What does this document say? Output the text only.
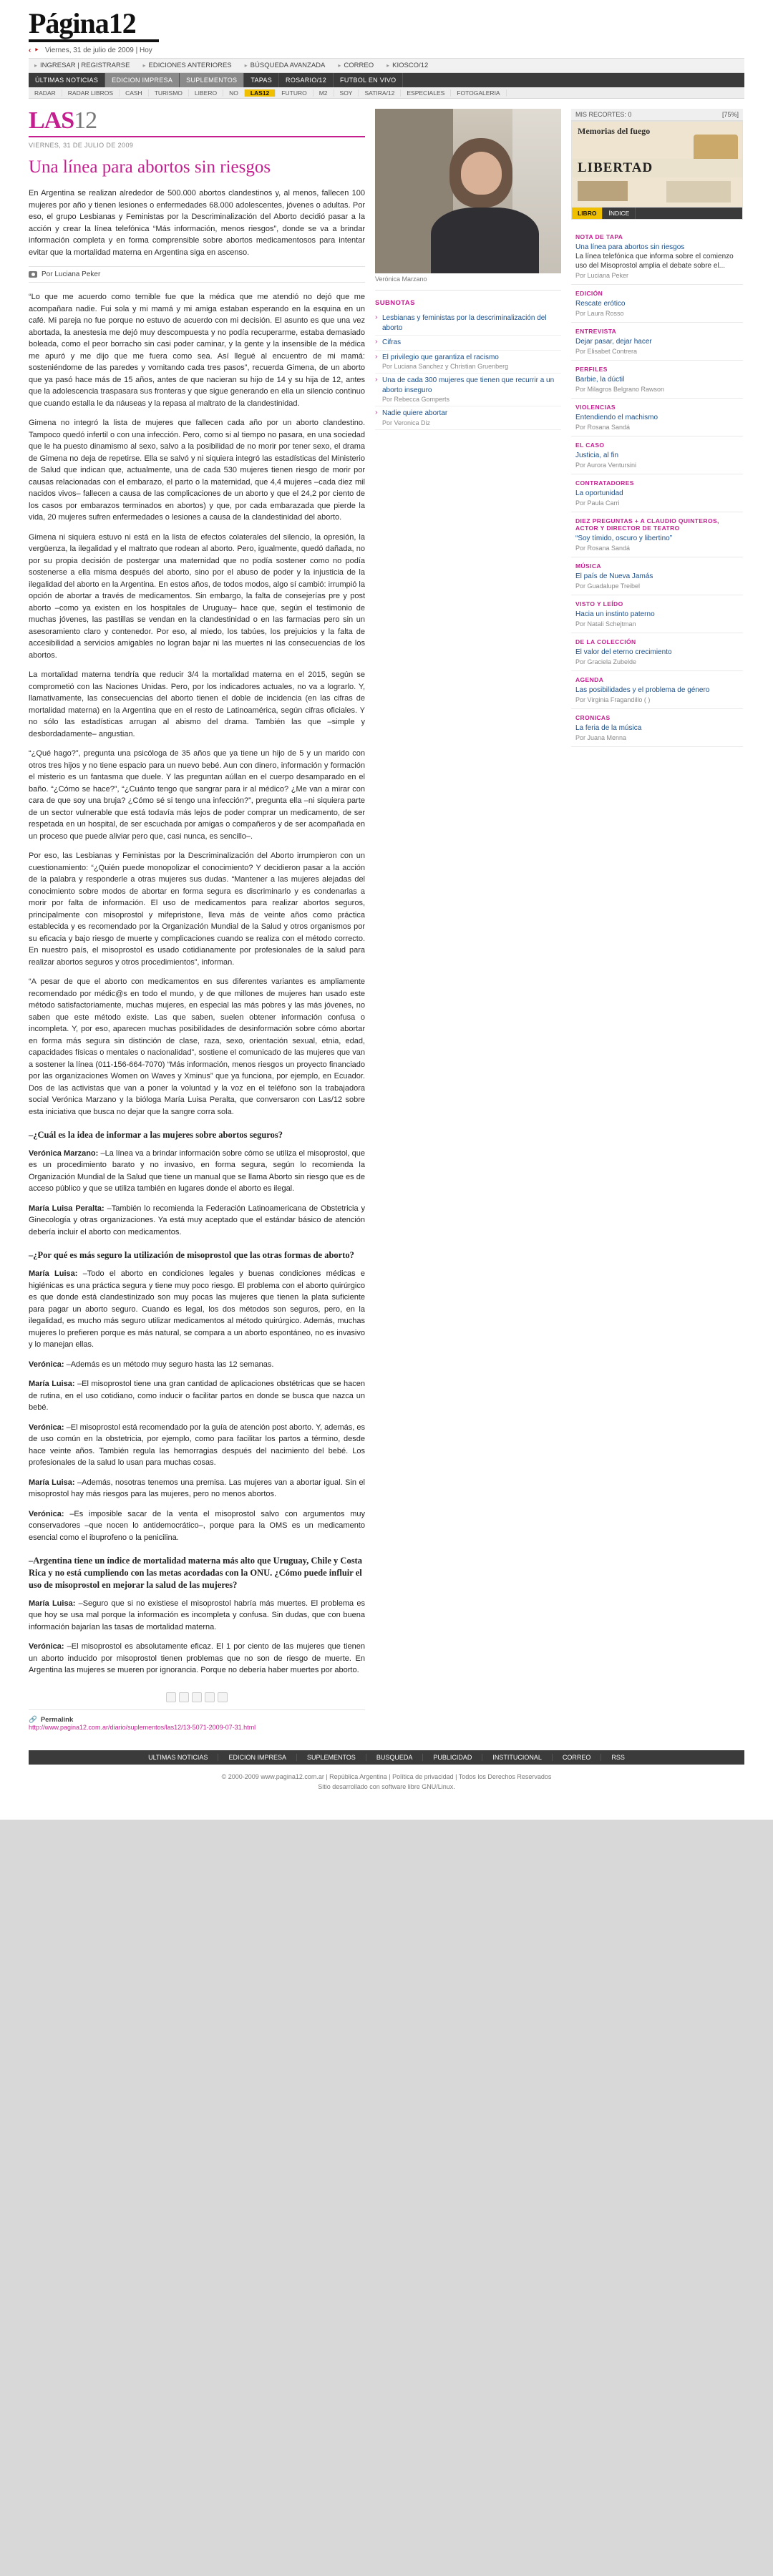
Página12
‹ ‣ Viernes, 31 de julio de 2009 | Hoy
▸ INGRESAR | REGISTRARSE ▸ EDICIONES ANTERIORES ▸ BÚSQUEDA AVANZADA ▸ CORREO ▸ KIOSCO/12
ÚLTIMAS NOTICIAS EDICION IMPRESA SUPLEMENTOS TAPAS ROSARIO/12 FUTBOL EN VIVO
RADAR	RADAR LIBROS	CASH	TURISMO	LIBERO	NO	LAS12	FUTURO	M2	SOY	SATIRA/12	ESPECIALES	FOTOGALERIA
LAS12
VIERNES, 31 DE JULIO DE 2009
Una línea para abortos sin riesgos

En Argentina se realizan alrededor de 500.000 abortos clandestinos y, al menos, fallecen 100 mujeres por año y tienen lesiones o enfermedades 68.000 adolescentes, jóvenes o adultas. Por eso, el grupo Lesbianas y Feministas por la Descriminalización del Aborto decidió pasar a la acción y crear la línea telefónica “Más información, menos riesgos”, donde se va a brindar información completa y en forma comprensible sobre abortos medicamentosos para intentar evitar que la mortalidad materna en Argentina siga en ascenso.

Por Luciana Peker

“Lo que me acuerdo como temible fue que la médica que me atendió no dejó que me acompañara nadie. Fui sola y mi mamá y mi amiga estaban esperando en la esquina en un café. Mi pareja no fue porque no estuvo de acuerdo con mi decisión. El asunto es que una vez abortada, la anestesia me dejó muy descompuesta y no podía recuperarme, estaba demasiado boleada, como el peor borracho sin casi poder caminar, y la gente y la insensible de la médica me apuró y me dijo que me fuera como sea. Así llegué al encuentro de mi mamá: sosteniéndome de las paredes y vomitando cada tres pasos”, recuerda Gimena, de un aborto que ya pasó hace más de 15 años, antes de que nacieran su hijo de 14 y su hija de 12, antes que la adolescencia traspasara sus fronteras y que sigue generando en ella un silencio continuo que cuando estalla le da náuseas y la repasa al maltrato de la clandestinidad.

Gimena no integró la lista de mujeres que fallecen cada año por un aborto clandestino. Tampoco quedó infertil o con una infección. Pero, como si al tiempo no pasara, en una sociedad que le ha puesto dinamismo al sexo, salvo a la posibilidad de no morir por tener sexo, el drama de Gimena no deja de repetirse. Ella se salvó y ni siquiera integró las estadísticas del Ministerio de Salud que indican que, actualmente, una de cada 530 mujeres tienen riesgo de morir por causas relacionadas con el embarazo, el parto o la maternidad, que 4,4 mujeres –cada diez mil nacidos vivos– fallecen a causa de las complicaciones de un aborto y que el 24,2 por ciento de los casos por embarazos terminados en abortos) y que, por cada embarazada que pierde la vida, 20 mujeres sufren enfermedades o lesiones a causa de la clandestinidad del aborto.

Gimena ni siquiera estuvo ni está en la lista de efectos colaterales del silencio, la opresión, la vergüenza, la ilegalidad y el maltrato que rodean al aborto. Pero, igualmente, quedó dañada, no por su propia decisión de postergar una maternidad que no podía sostener como no podía sostenerse a ella misma después del aborto, sino por el abuso de poder y la injusticia de la ilegalidad del aborto en la Argentina. En estos años, de todos modos, algo sí cambió: irrumpió la opción de abortar a través de medicamentos. Sin embargo, la falta de consejerías pre y post aborto –como ya existen en los hospitales de Uruguay– hace que, según el testimonio de muchas jóvenes, las pastillas se vendan en la clandestinidad o en las farmacias pero sin un asesoramiento claro y contenedor. Por eso, al miedo, los tabúes, los prejuicios y la falta de accesibilidad a servicios amigables no logran bajar ni las muertes ni las consecuencias de los abortos.

La mortalidad materna tendría que reducir 3/4 la mortalidad materna en el 2015, según se comprometió con las Naciones Unidas. Pero, por los indicadores actuales, no va a lograrlo. Y, llamativamente, las consecuencias del aborto tienen el doble de incidencia (en las cifras de mortalidad materna) en la Argentina que en el resto de Latinoamérica, según cifras oficiales. Y no sólo las estadísticas arrugan al abismo del drama. También las que –simple y desbordadamente– angustian.

“¿Qué hago?”, pregunta una psicóloga de 35 años que ya tiene un hijo de 5 y un marido con otros tres hijos y no tiene espacio para un nuevo bebé. Aun con dinero, información y formación el misterio es un fantasma que duele. Y las preguntan aúllan en el cuerpo desamparado en el baño. “¿Cómo se hace?”, “¿Cuánto tengo que sangrar para ir al médico? ¿Me van a mirar con cara de que soy una bruja? ¿Cómo sé si tengo una infección?”, pregunta ella –ni siquiera parte de un sector vulnerable que está todavía más lejos de poder comprar un medicamento, de ser respetada en un hospital, de ser escuchada por amigas o compañeros y de ser acompañada en un proceso que puede aliviar pero que, casi nunca, es sencillo–.

Por eso, las Lesbianas y Feministas por la Descriminalización del Aborto irrumpieron con un cuestionamiento: “¿Quién puede monopolizar el conocimiento? Y decidieron pasar a la acción de la palabra y responderle a otras mujeres sus dudas. “Mantener a las mujeres alejadas del conocimiento sobre modos de abortar en forma segura es discriminarlo y es condenarlas a morir por falta de información. El uso de medicamentos para realizar abortos seguros, principalmente con misoprostol y mifepristone, lleva más de veinte años como práctica establecida y es recomendado por la Organización Mundial de la Salud y otros organismos por su eficacia y bajo riesgo de muerte y complicaciones cuando se realiza con el método correcto. En nuestro país, el misoprostol es usado cotidianamente por profesionales de la salud para realizar abortos seguros y otros procedimientos”, informan.

“A pesar de que el aborto con medicamentos en sus diferentes variantes es ampliamente recomendado por médic@s en todo el mundo, y de que millones de mujeres han usado este método satisfactoriamente, muchas mujeres, en especial las más pobres y las más jóvenes, no saben que este método existe. Las que saben, suelen obtener información confusa o incompleta. Y, por eso, aparecen muchas posibilidades de desinformación sobre cómo abortar en forma más segura sin distinción de clase, raza, sexo, orientación sexual, etnia, edad, capacidades físicas o mentales o nacionalidad”, sostiene el comunicado de las mujeres que van a sostener la línea (011-156-664-7070) “Más información, menos riesgos un proyecto financiado por las organizaciones Women on Waves y Xminus” que ya funciona, por ejemplo, en Ecuador. Dos de las activistas que van a poner la voluntad y la voz en el teléfono son la trabajadora social Verónica Marzano y la bióloga María Luisa Peralta, que conversaron con Las/12 sobre esta iniciativa que busca no dejar que la sangre corra sola.

–¿Cuál es la idea de informar a las mujeres sobre abortos seguros?

Verónica Marzano: –La línea va a brindar información sobre cómo se utiliza el misoprostol, que es un procedimiento barato y no invasivo, en forma segura, según lo recomienda la Organización Mundial de la Salud que tiene un manual que se llama Aborto sin riesgo que es de acceso público y que se utiliza también en lugares donde el aborto es ilegal.

María Luisa Peralta: –También lo recomienda la Federación Latinoamericana de Obstetricia y Ginecología y otras organizaciones. Ya está muy aceptado que el estándar básico de atención debería incluir el aborto con medicamentos.

–¿Por qué es más seguro la utilización de misoprostol que las otras formas de aborto?

María Luisa: –Todo el aborto en condiciones legales y buenas condiciones médicas e higiénicas es una práctica segura y tiene muy poco riesgo. El problema con el aborto quirúrgico es que donde está clandestinizado son muy pocas las mujeres que tienen la plata suficiente para pagar un aborto seguro. Cuando es legal, los dos métodos son seguros, pero, en la ilegalidad, es mucho más seguro utilizar medicamentos al método quirúrgico. Además, muchas mujeres lo prefieren porque es más natural, se compara a un aborto espontáneo, no es invasivo y lo manejan ellas.

Verónica: –Además es un método muy seguro hasta las 12 semanas.

María Luisa: –El misoprostol tiene una gran cantidad de aplicaciones obstétricas que se hacen de rutina, en el uso cotidiano, como inducir o facilitar partos en donde se busca que nazca un bebé.

Verónica: –El misoprostol está recomendado por la guía de atención post aborto. Y, además, es de uso común en la obstetricia, por ejemplo, como para facilitar los partos a término, desde hace veinte años. También regula las hemorragias después del nacimiento del bebé. Los profesionales de la salud lo usan para muchas cosas.

María Luisa: –Además, nosotras tenemos una premisa. Las mujeres van a abortar igual. Sin el misoprostol hay más riesgos para las mujeres, pero no menos abortos.

Verónica: –Es imposible sacar de la venta el misoprostol salvo con argumentos muy conservadores –que nocen lo antidemocrático–, porque para la OMS es un medicamento esencial como el ibuprofeno o la penicilina.

–Argentina tiene un índice de mortalidad materna más alto que Uruguay, Chile y Costa Rica y no está cumpliendo con las metas acordadas con la ONU. ¿Cómo puede influir el uso de misoprostol en mejorar la salud de las mujeres?

María Luisa: –Seguro que si no existiese el misoprostol habría más muertes. El problema es que hoy se usa mal porque la información es incompleta y confusa. Sin dudas, que con buena información bajarían las tasas de mortalidad materna.

Verónica: –El misoprostol es absolutamente eficaz. El 1 por ciento de las mujeres que tienen un aborto inducido por misoprostol tienen problemas que no son de riesgo de muerte. En Argentina las mujeres se mueren por ignorancia. Porque no debería haber muertes por aborto.

🔗 Permalink
http://www.pagina12.com.ar/diario/suplementos/las12/13-5071-2009-07-31.html
Verónica Marzano
SUBNOTAS
› Lesbianas y feministas por la descriminalización del aborto
› Cifras
› El privilegio que garantiza el racismo
Por Luciana Sanchez y Christian Gruenberg
› Una de cada 300 mujeres que tienen que recurrir a un aborto inseguro
Por Rebecca Gomperts
› Nadie quiere abortar
Por Veronica Diz
MIS RECORTES: 0	[75%]
Memorias del fuego
LIBERTAD
LIBRO	ÍNDICE
NOTA DE TAPA
Una línea para abortos sin riesgos
La línea telefónica que informa sobre el comienzo uso del Misoprostol amplia el debate sobre el...
Por Luciana Peker
EDICIÓN
Rescate erótico
Por Laura Rosso
ENTREVISTA
Dejar pasar, dejar hacer
Por Elisabet Contrera
PERFILES
Barbie, la dúctil
Por Milagros Belgrano Rawson
VIOLENCIAS
Entendiendo el machismo
Por Rosana Sandá
EL CASO
Justicia, al fin
Por Aurora Ventursini
CONTRATADORES
La oportunidad
Por Paula Carri
DIEZ PREGUNTAS + A CLAUDIO QUINTEROS, ACTOR Y DIRECTOR DE TEATRO
“Soy tímido, oscuro y libertino”
Por Rosana Sandá
MÚSICA
El país de Nueva Jamás
Por Guadalupe Treibel
VISTO Y LEÍDO
Hacia un instinto paterno
Por Natali Schejtman
DE LA COLECCIÓN
El valor del eterno crecimiento
Por Graciela Zubelde
AGENDA
Las posibilidades y el problema de género
Por Virginia Fragandillo ( )
CRONICAS
La feria de la música
Por Juana Menna
ULTIMAS NOTICIAS	EDICION IMPRESA	SUPLEMENTOS	BUSQUEDA	PUBLICIDAD	INSTITUCIONAL	CORREO	RSS
© 2000-2009 www.pagina12.com.ar | República Argentina | Política de privacidad | Todos los Derechos Reservados
Sitio desarrollado con software libre GNU/Linux.
